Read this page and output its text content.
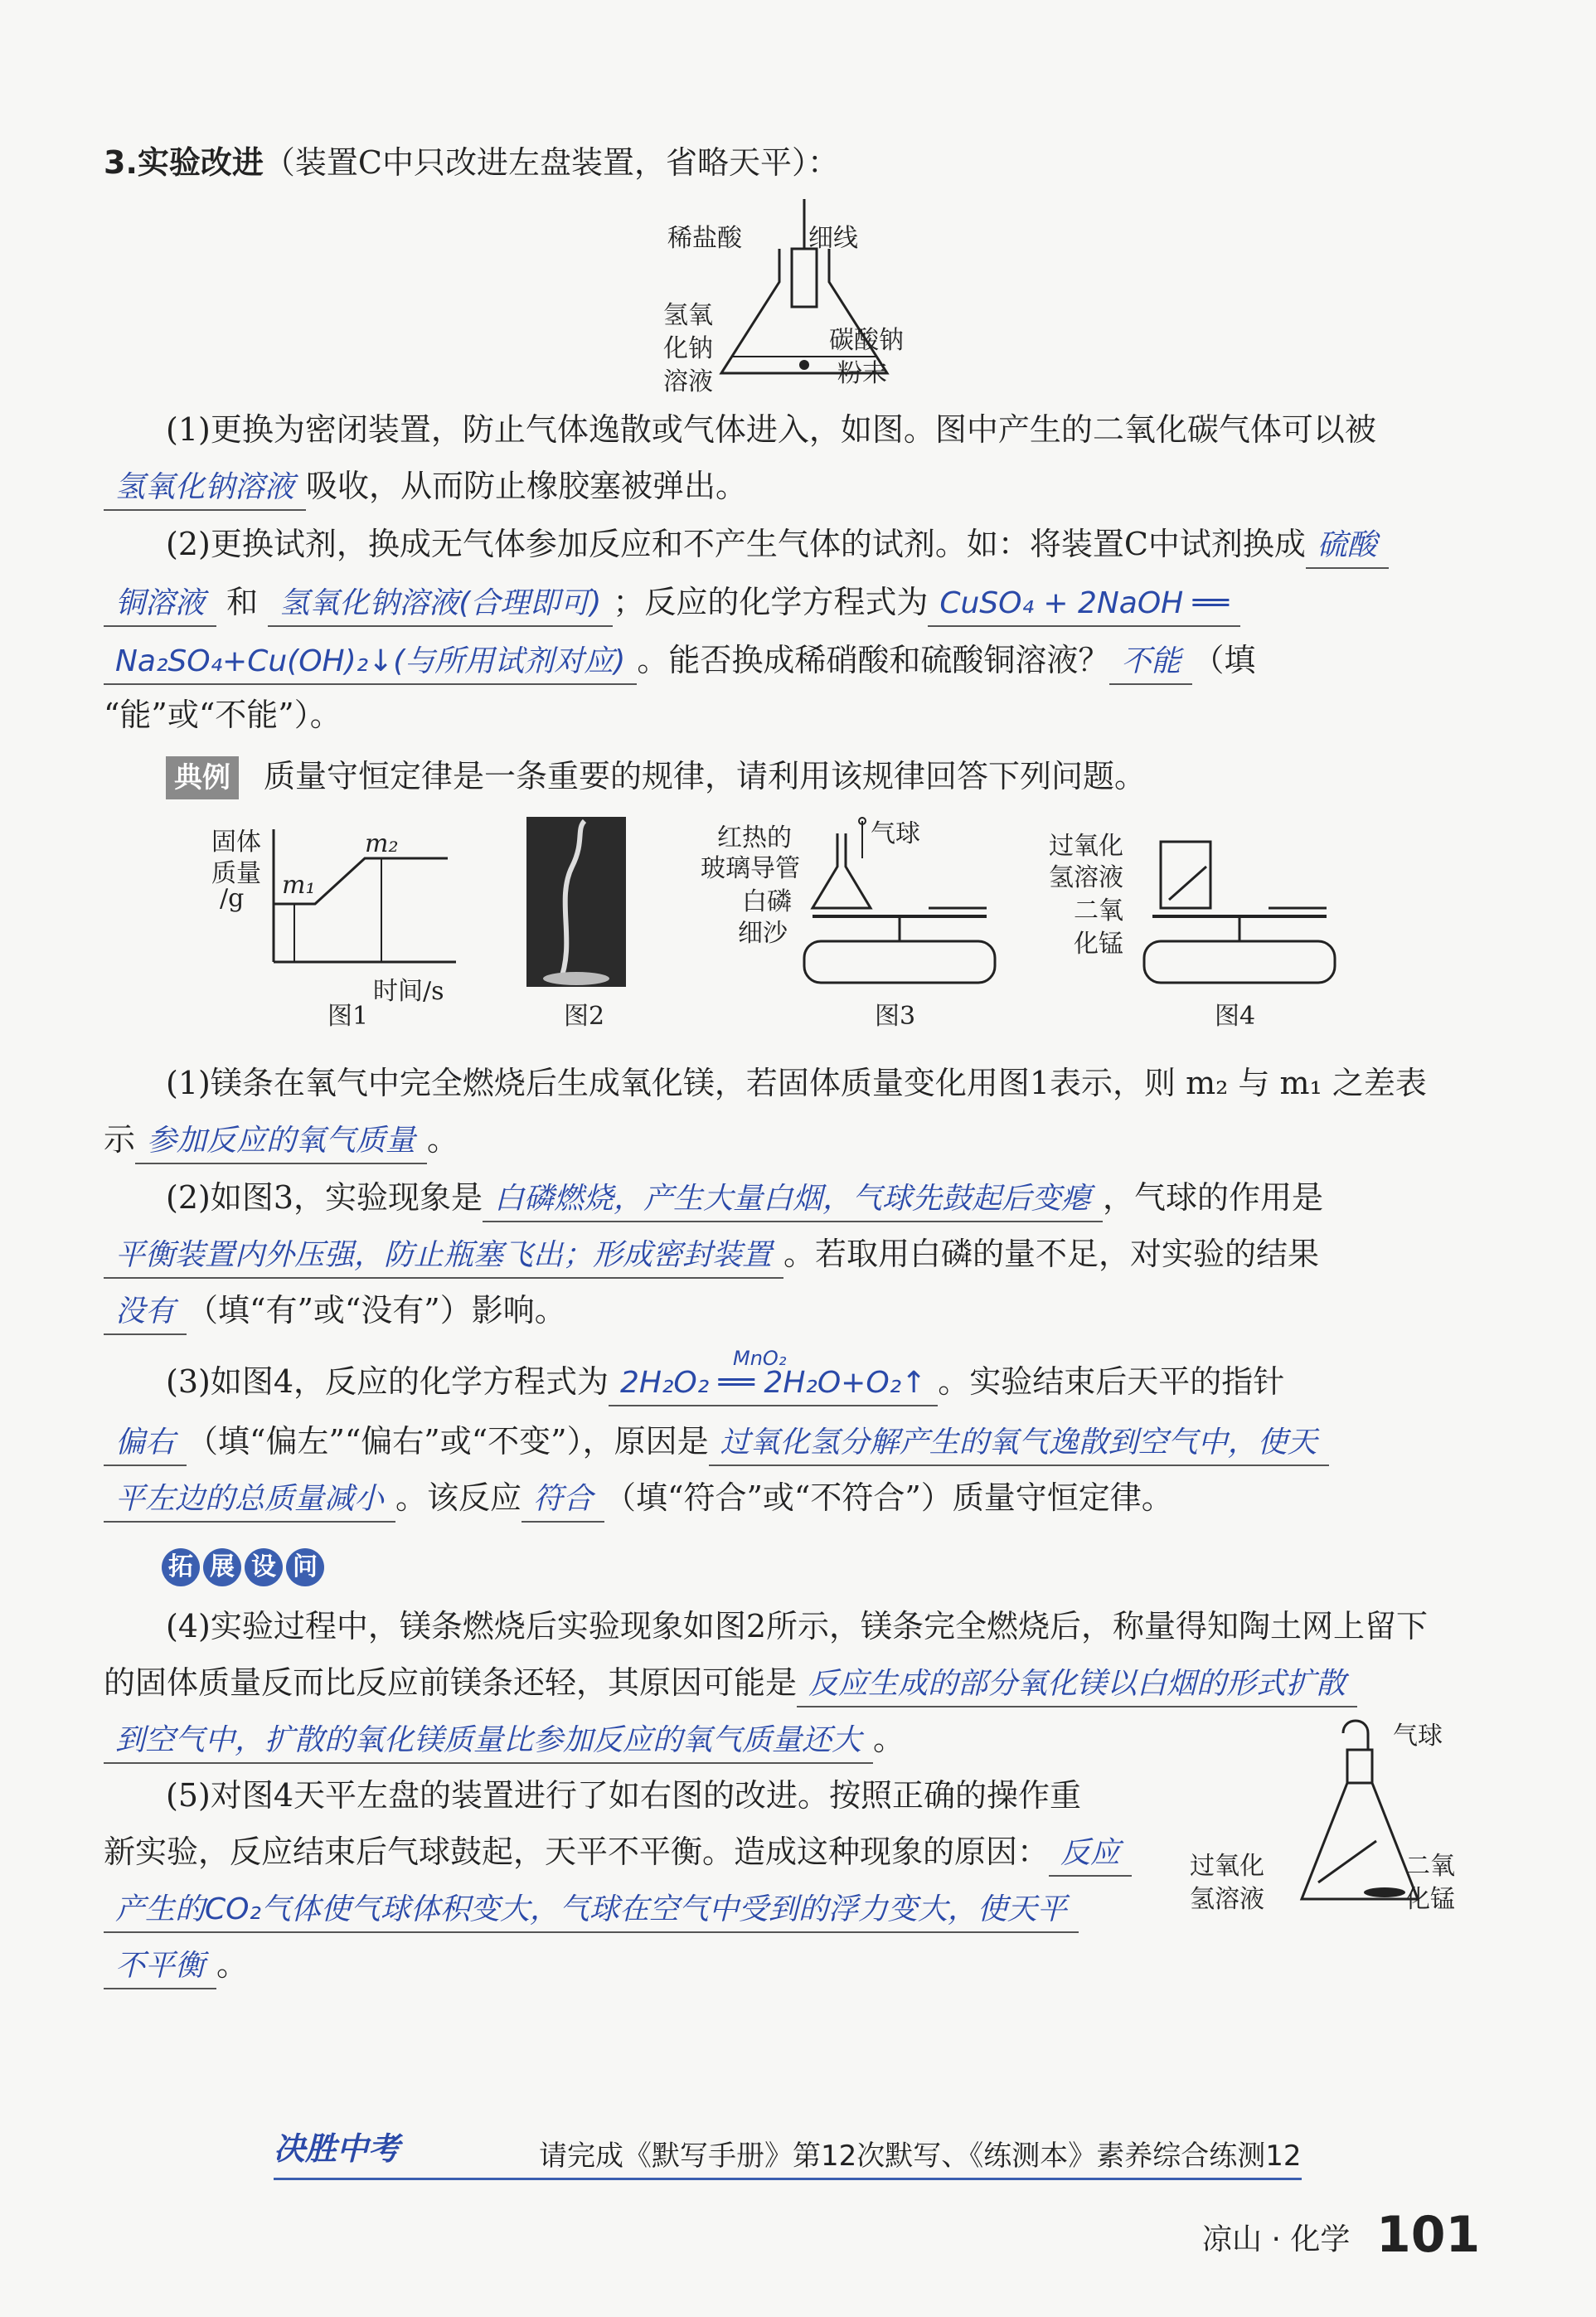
3.实验改进（装置C中只改进左盘装置，省略天平）：
稀盐酸	细线
氢氧
化钠
溶液
碳酸钠
粉末
(1)更换为密闭装置，防止气体逸散或气体进入，如图。图中产生的二氧化碳气体可以被
氢氧化钠溶液 吸收，从而防止橡胶塞被弹出。
(2)更换试剂，换成无气体参加反应和不产生气体的试剂。如：将装置C中试剂换成 硫酸
铜溶液 和 氢氧化钠溶液(合理即可) ；反应的化学方程式为 CuSO₄ + 2NaOH ══
Na₂SO₄+Cu(OH)₂↓(与所用试剂对应) 。能否换成稀硝酸和硫酸铜溶液？ 不能 （填
“能”或“不能”）。
典例 质量守恒定律是一条重要的规律，请利用该规律回答下列问题。
固体
质量
/g m₁
m₂
时间/s
图1	图2
红热的
玻璃导管
白磷
细沙
气球
图3
过氧化
氢溶液
二氧
化锰
图4
(1)镁条在氧气中完全燃烧后生成氧化镁，若固体质量变化用图1表示，则 m₂ 与 m₁ 之差表
示 参加反应的氧气质量 。
(2)如图3，实验现象是 白磷燃烧，产生大量白烟，气球先鼓起后变瘪 ，气球的作用是
平衡装置内外压强，防止瓶塞飞出；形成密封装置 。若取用白磷的量不足，对实验的结果
没有 （填“有”或“没有”）影响。
(3)如图4，反应的化学方程式为
MnO₂
2H₂O₂ ══ 2H₂O+O₂↑ 。实验结束后天平的指针
偏右 （填“偏左”“偏右”或“不变”），原因是 过氧化氢分解产生的氧气逸散到空气中，使天
平左边的总质量减小 。该反应 符合 （填“符合”或“不符合”）质量守恒定律。
拓 展 设 问
(4)实验过程中，镁条燃烧后实验现象如图2所示，镁条完全燃烧后，称量得知陶土网上留下
的固体质量反而比反应前镁条还轻，其原因可能是 反应生成的部分氧化镁以白烟的形式扩散
到空气中，扩散的氧化镁质量比参加反应的氧气质量还大 。
(5)对图4天平左盘的装置进行了如右图的改进。按照正确的操作重
新实验，反应结束后气球鼓起，天平不平衡。造成这种现象的原因： 反应
产生的CO₂气体使气球体积变大，气球在空气中受到的浮力变大，使天平
不平衡 。
气球
过氧化
氢溶液
二氧
化锰
决胜中考	请完成《默写手册》第12次默写、《练测本》素养综合练测12
凉山 · 化学 101
